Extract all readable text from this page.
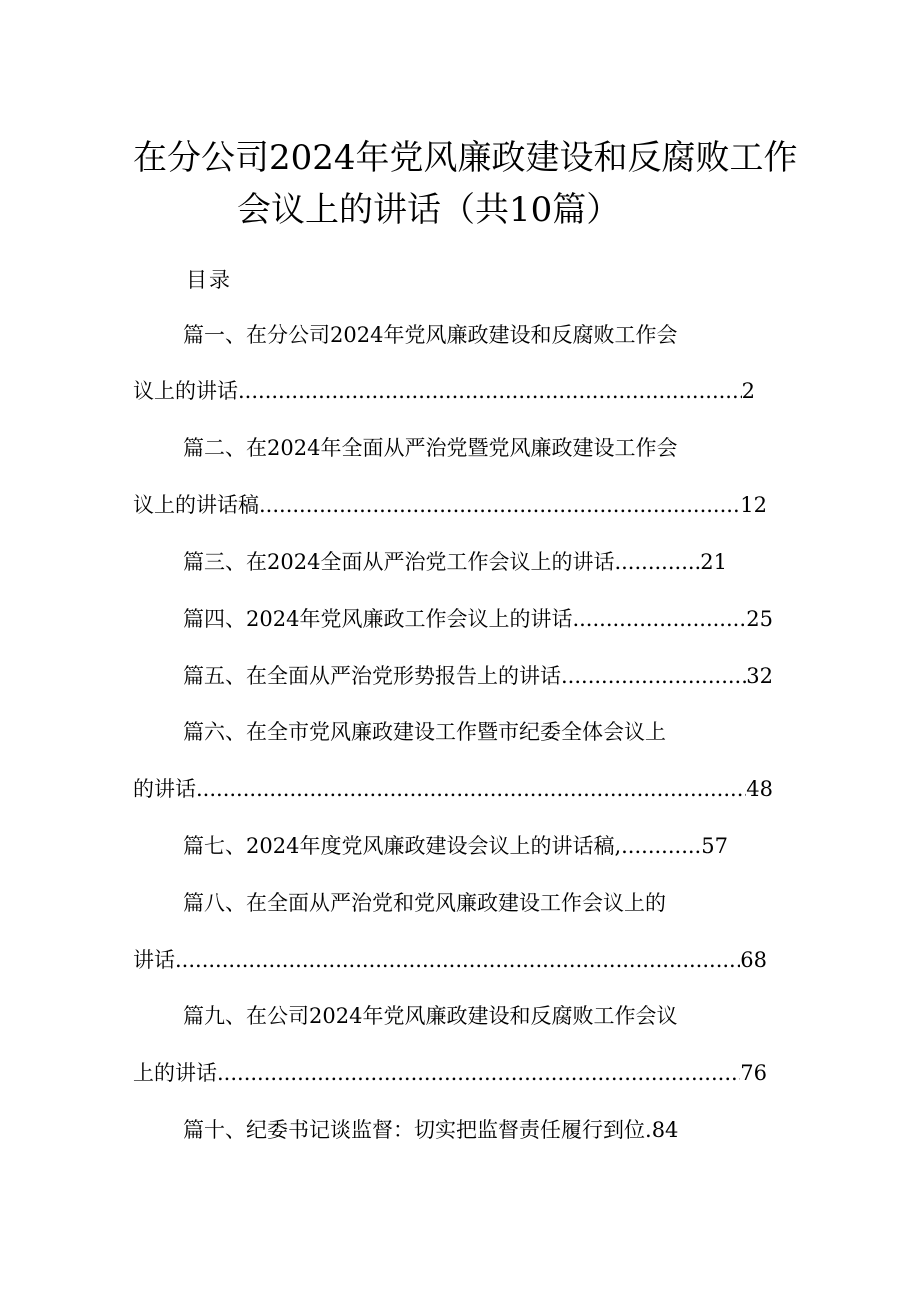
在分公司2024年党风廉政建设和反腐败工作
会议上的讲话（共10篇）
目录
篇一、在分公司2024年党风廉政建设和反腐败工作会
议上的讲话 .....	2
篇二、在2024年全面从严治党暨党风廉政建设工作会
议上的讲话稿 .....	12
篇三、在2024全面从严治党工作会议上的讲话 .....	21
篇四、2024年党风廉政工作会议上的讲话 .....	25
篇五、在全面从严治党形势报告上的讲话 .....	32
篇六、在全市党风廉政建设工作暨市纪委全体会议上
的讲话 .....	48
篇七、2024年度党风廉政建设会议上的讲话稿, .....	57
篇八、在全面从严治党和党风廉政建设工作会议上的
讲话 .....	68
篇九、在公司2024年党风廉政建设和反腐败工作会议
上的讲话 .....	76
篇十、纪委书记谈监督：切实把监督责任履行到位. 84
